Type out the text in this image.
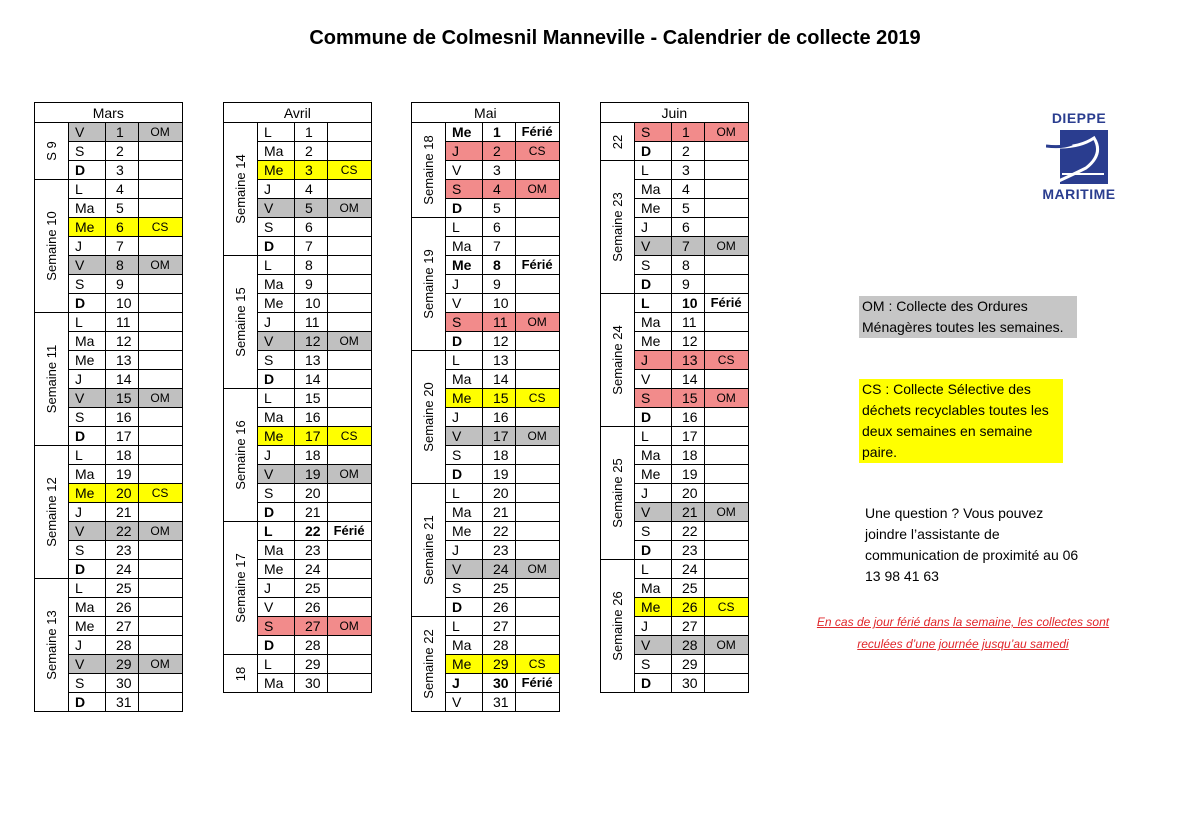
Commune de Colmesnil Manneville - Calendrier de collecte 2019
Mars			

S 9	V	1	OM
	S	2	
	D	3	

Semaine 10	L	4	
	Ma	5	
	Me	6	CS
	J	7	
	V	8	OM
	S	9	
	D	10	

Semaine 11	L	11	
	Ma	12	
	Me	13	
	J	14	
	V	15	OM
	S	16	
	D	17	

Semaine 12	L	18	
	Ma	19	
	Me	20	CS
	J	21	
	V	22	OM
	S	23	
	D	24	

Semaine 13	L	25	
	Ma	26	
	Me	27	
	J	28	
	V	29	OM
	S	30	
	D	31	
Avril			

Semaine 14	L	1	
	Ma	2	
	Me	3	CS
	J	4	
	V	5	OM
	S	6	
	D	7	

Semaine 15	L	8	
	Ma	9	
	Me	10	
	J	11	
	V	12	OM
	S	13	
	D	14	

Semaine 16	L	15	
	Ma	16	
	Me	17	CS
	J	18	
	V	19	OM
	S	20	
	D	21	

Semaine 17	L	22	Férié
	Ma	23	
	Me	24	
	J	25	
	V	26	
	S	27	OM
	D	28	

18	L	29	
	Ma	30	
Mai			

Semaine 18	Me	1	Férié
	J	2	CS
	V	3	
	S	4	OM
	D	5	

Semaine 19	L	6	
	Ma	7	
	Me	8	Férié
	J	9	
	V	10	
	S	11	OM
	D	12	

Semaine 20	L	13	
	Ma	14	
	Me	15	CS
	J	16	
	V	17	OM
	S	18	
	D	19	

Semaine 21	L	20	
	Ma	21	
	Me	22	
	J	23	
	V	24	OM
	S	25	
	D	26	

Semaine 22	L	27	
	Ma	28	
	Me	29	CS
	J	30	Férié
	V	31	
Juin			

22	S	1	OM
	D	2	

Semaine 23	L	3	
	Ma	4	
	Me	5	
	J	6	
	V	7	OM
	S	8	
	D	9	

Semaine 24	L	10	Férié
	Ma	11	
	Me	12	
	J	13	CS
	V	14	
	S	15	OM
	D	16	

Semaine 25	L	17	
	Ma	18	
	Me	19	
	J	20	
	V	21	OM
	S	22	
	D	23	

Semaine 26	L	24	
	Ma	25	
	Me	26	CS
	J	27	
	V	28	OM
	S	29	
	D	30	
OM : Collecte des Ordures Ménagères toutes les semaines.
CS : Collecte Sélective des déchets recyclables toutes les deux semaines en semaine paire.
Une question ? Vous pouvez joindre l’assistante de communication de proximité au 06 13 98 41 63
En cas de jour férié dans la semaine, les collectes sont reculées d’une journée jusqu’au samedi
DIEPPE
MARITIME
